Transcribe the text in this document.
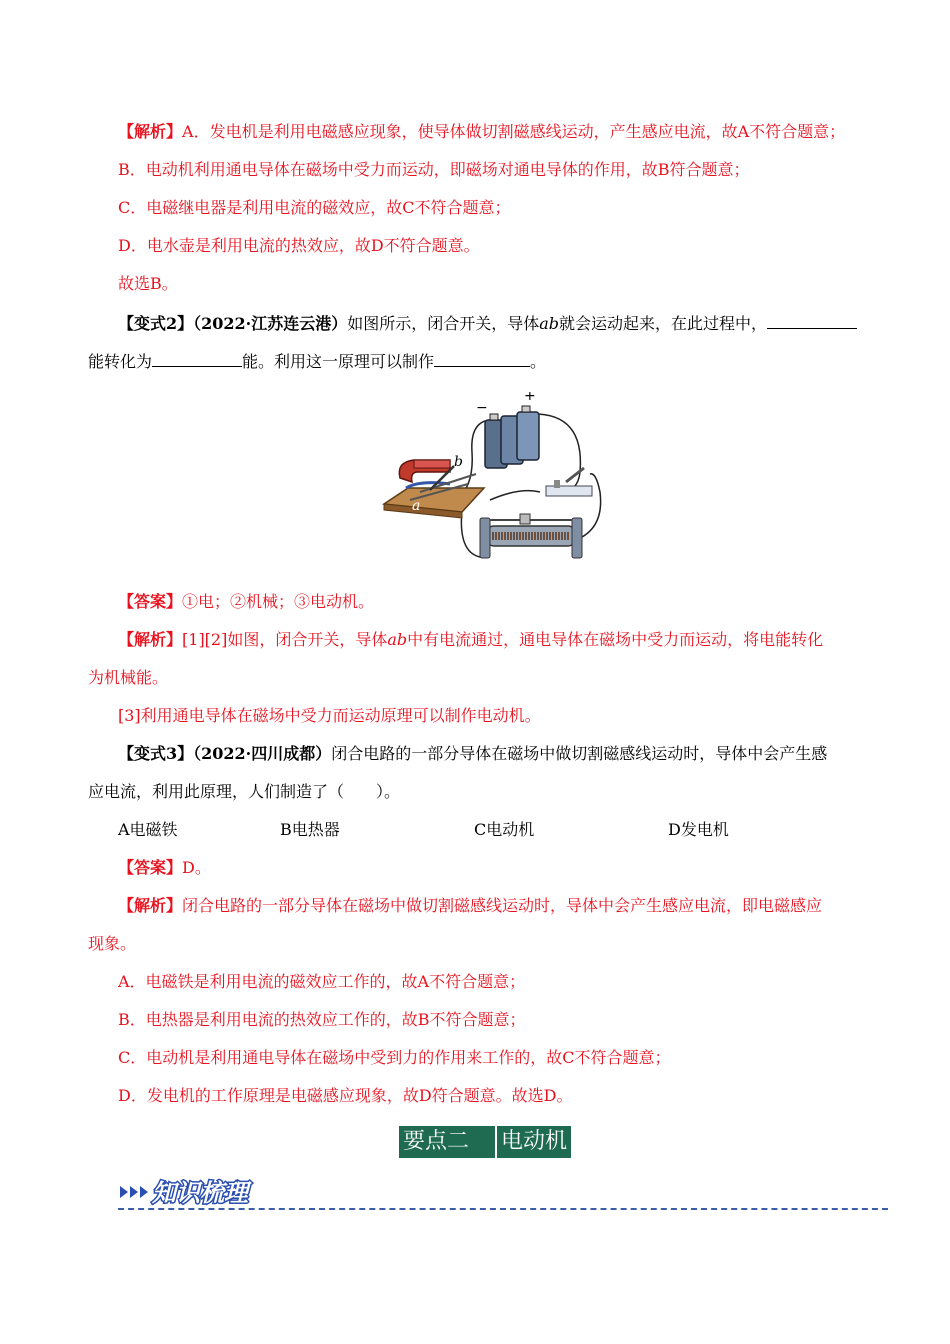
【解析】A．发电机是利用电磁感应现象，使导体做切割磁感线运动，产生感应电流，故A不符合题意；
B．电动机利用通电导体在磁场中受力而运动，即磁场对通电导体的作用，故B符合题意；
C．电磁继电器是利用电流的磁效应，故C不符合题意；
D．电水壶是利用电流的热效应，故D不符合题意。
故选B。
【变式2】（2022·江苏连云港）如图所示，闭合开关，导体ab就会运动起来，在此过程中，
能转化为	能。利用这一原理可以制作	。
−
+
b
a
【答案】①电；②机械；③电动机。
【解析】[1][2]如图，闭合开关，导体ab中有电流通过，通电导体在磁场中受力而运动，将电能转化
为机械能。
[3]利用通电导体在磁场中受力而运动原理可以制作电动机。
【变式3】（2022·四川成都）闭合电路的一部分导体在磁场中做切割磁感线运动时，导体中会产生感
应电流，利用此原理，人们制造了（　　）。
A电磁铁	B电热器	C电动机	D发电机
【答案】D。
【解析】闭合电路的一部分导体在磁场中做切割磁感线运动时，导体中会产生感应电流，即电磁感应
现象。
A．电磁铁是利用电流的磁效应工作的，故A不符合题意；
B．电热器是利用电流的热效应工作的，故B不符合题意；
C．电动机是利用通电导体在磁场中受到力的作用来工作的，故C不符合题意；
D．发电机的工作原理是电磁感应现象，故D符合题意。故选D。
要点二 电动机
知识梳理
